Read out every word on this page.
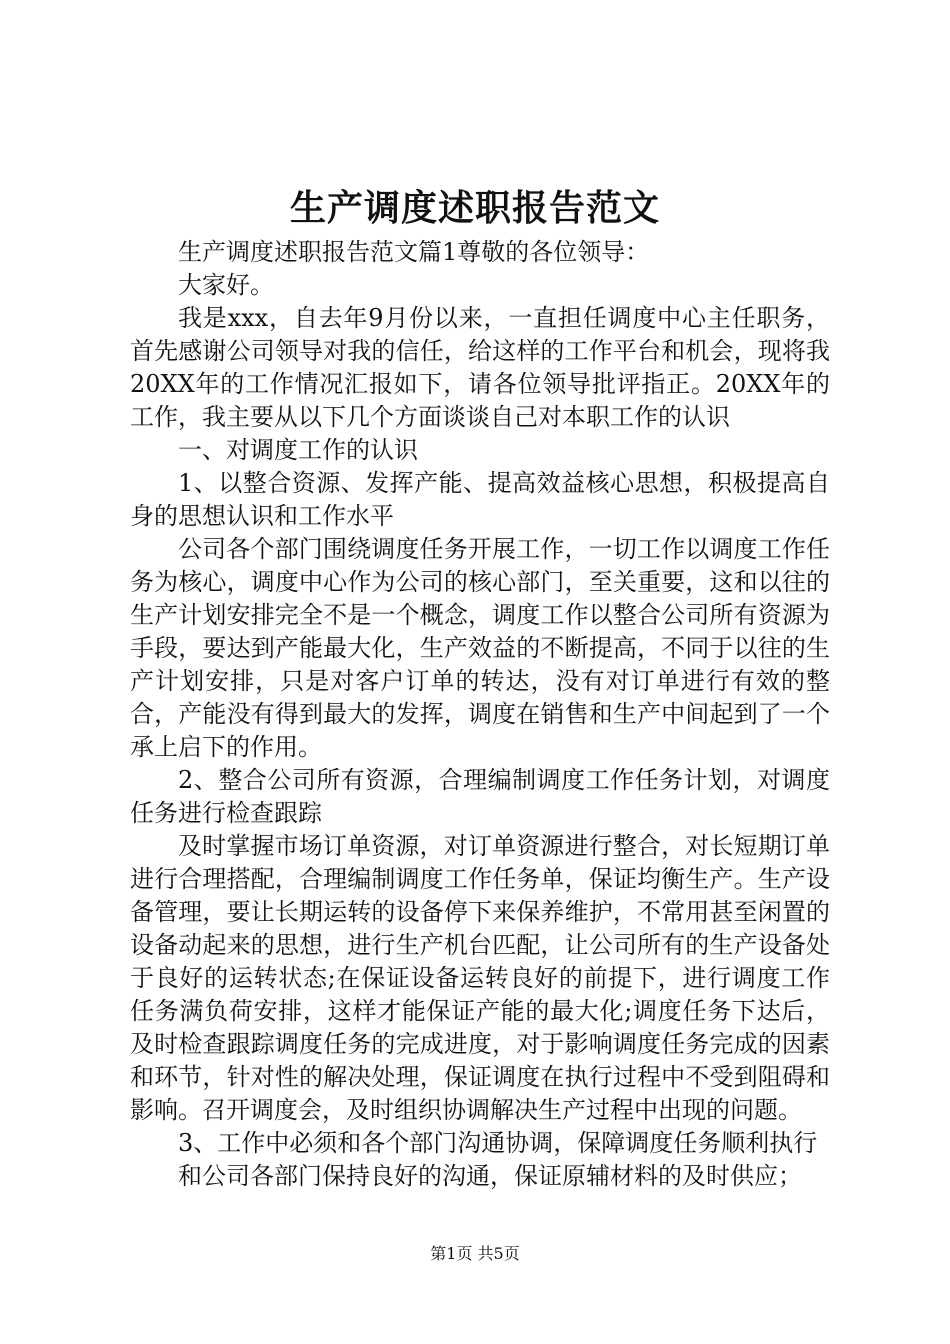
生产调度述职报告范文

生产调度述职报告范文篇1尊敬的各位领导：

大家好。

我是xxx，自去年9月份以来，一直担任调度中心主任职务，首先感谢公司领导对我的信任，给这样的工作平台和机会，现将我20XX年的工作情况汇报如下，请各位领导批评指正。20XX年的工作，我主要从以下几个方面谈谈自己对本职工作的认识

一、对调度工作的认识

1、以整合资源、发挥产能、提高效益核心思想，积极提高自身的思想认识和工作水平

公司各个部门围绕调度任务开展工作，一切工作以调度工作任务为核心，调度中心作为公司的核心部门，至关重要，这和以往的生产计划安排完全不是一个概念，调度工作以整合公司所有资源为手段，要达到产能最大化，生产效益的不断提高，不同于以往的生产计划安排，只是对客户订单的转达，没有对订单进行有效的整合，产能没有得到最大的发挥，调度在销售和生产中间起到了一个承上启下的作用。

2、整合公司所有资源，合理编制调度工作任务计划，对调度任务进行检查跟踪

及时掌握市场订单资源，对订单资源进行整合，对长短期订单进行合理搭配，合理编制调度工作任务单，保证均衡生产。生产设备管理，要让长期运转的设备停下来保养维护，不常用甚至闲置的设备动起来的思想，进行生产机台匹配，让公司所有的生产设备处于良好的运转状态;在保证设备运转良好的前提下，进行调度工作任务满负荷安排，这样才能保证产能的最大化;调度任务下达后，及时检查跟踪调度任务的完成进度，对于影响调度任务完成的因素和环节，针对性的解决处理，保证调度在执行过程中不受到阻碍和影响。召开调度会，及时组织协调解决生产过程中出现的问题。

3、工作中必须和各个部门沟通协调，保障调度任务顺利执行

和公司各部门保持良好的沟通，保证原辅材料的及时供应；

第1页 共5页
